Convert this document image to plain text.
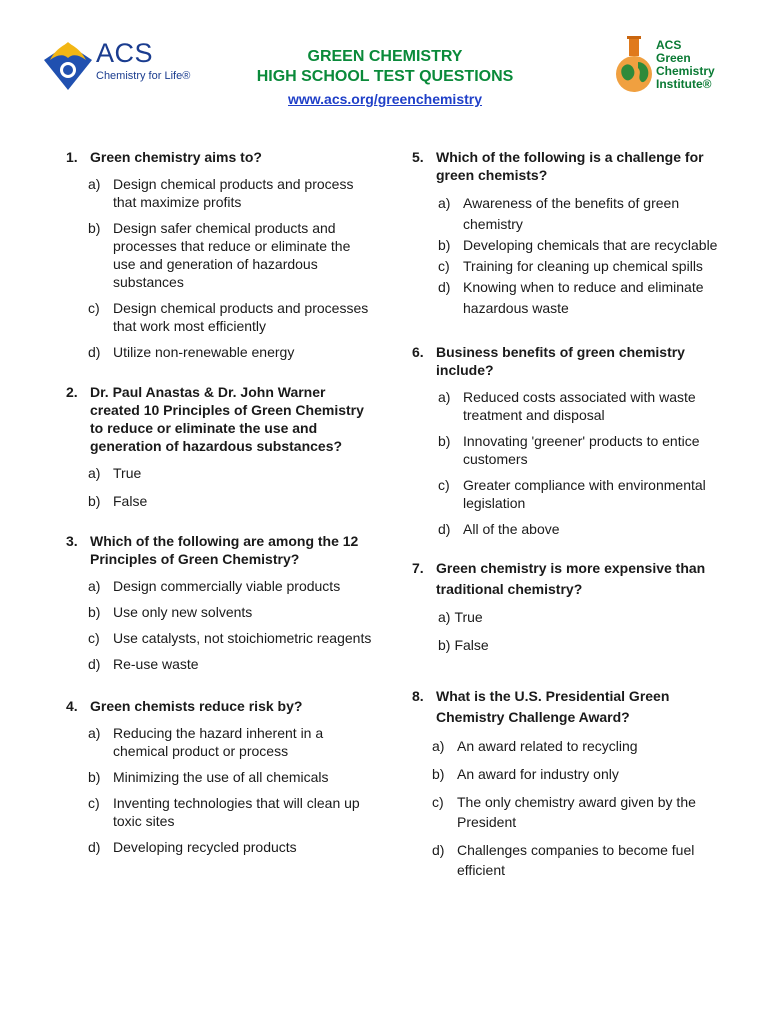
ACS
Chemistry for Life®
GREEN CHEMISTRY
HIGH SCHOOL TEST QUESTIONS
www.acs.org/greenchemistry
ACS
Green
Chemistry
Institute®
1. Green chemistry aims to?
a) Design chemical products and process that maximize profits
b) Design safer chemical products and processes that reduce or eliminate the use and generation of hazardous substances
c) Design chemical products and processes that work most efficiently
d) Utilize non-renewable energy
2. Dr. Paul Anastas & Dr. John Warner created 10 Principles of Green Chemistry to reduce or eliminate the use and generation of hazardous substances?
a) True
b) False
3. Which of the following are among the 12 Principles of Green Chemistry?
a) Design commercially viable products
b) Use only new solvents
c) Use catalysts, not stoichiometric reagents
d) Re-use waste
4. Green chemists reduce risk by?
a) Reducing the hazard inherent in a chemical product or process
b) Minimizing the use of all chemicals
c) Inventing technologies that will clean up toxic sites
d) Developing recycled products
5. Which of the following is a challenge for green chemists?
a) Awareness of the benefits of green chemistry
b) Developing chemicals that are recyclable
c) Training for cleaning up chemical spills
d) Knowing when to reduce and eliminate hazardous waste
6. Business benefits of green chemistry include?
a) Reduced costs associated with waste treatment and disposal
b) Innovating 'greener' products to entice customers
c) Greater compliance with environmental legislation
d) All of the above
7. Green chemistry is more expensive than traditional chemistry?
a) True
b) False
8. What is the U.S. Presidential Green Chemistry Challenge Award?
a) An award related to recycling
b) An award for industry only
c) The only chemistry award given by the President
d) Challenges companies to become fuel efficient
